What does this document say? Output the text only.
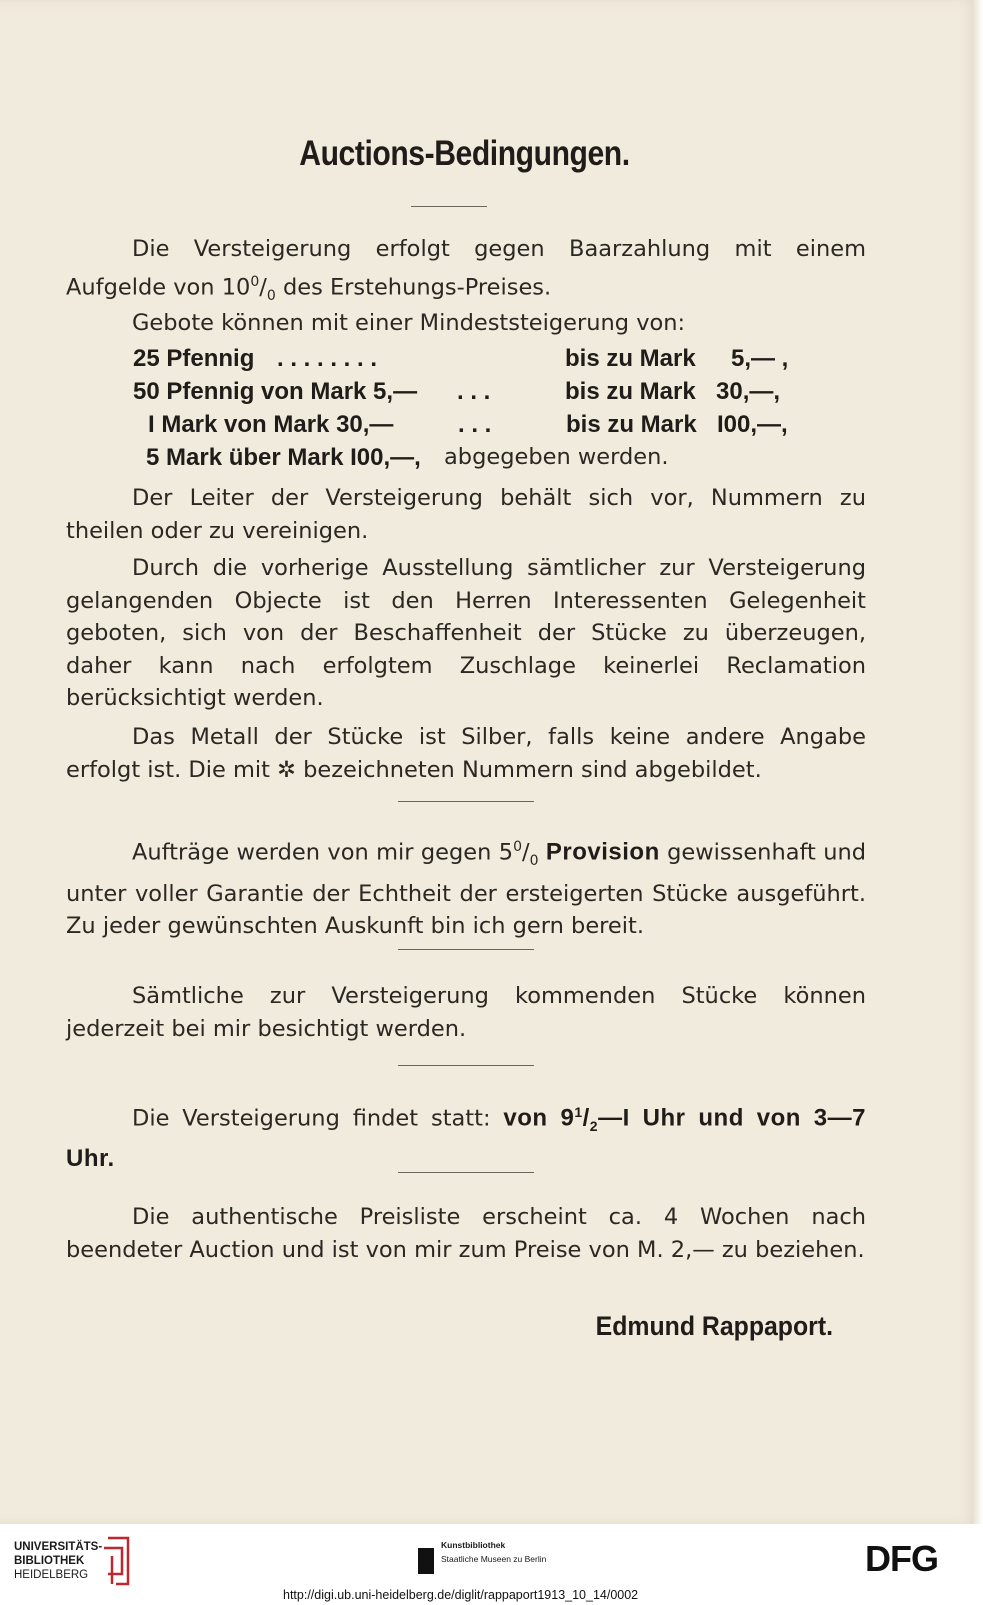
Auctions-Bedingungen.
Die Versteigerung erfolgt gegen Baarzahlung mit einem Aufgelde von $10^0/_0$ des Erstehungs-Preises.
Gebote können mit einer Mindeststeigerung von:
25 Pfennig . . . . . . . .	bis zu Mark 5,— ,
50 Pfennig von Mark 5,— . . .	bis zu Mark 30,—,
I Mark von Mark 30,—	. . .	bis zu Mark I00,—,
5 Mark über Mark I00,—, abgegeben werden.
Der Leiter der Versteigerung behält sich vor, Nummern zu theilen oder zu vereinigen.
Durch die vorherige Ausstellung sämtlicher zur Versteigerung gelangenden Objecte ist den Herren Interessenten Gelegenheit geboten, sich von der Beschaffenheit der Stücke zu überzeugen, daher kann nach erfolgtem Zuschlage keinerlei Reclamation berücksichtigt werden.
Das Metall der Stücke ist Silber, falls keine andere Angabe erfolgt ist. Die mit ✲ bezeichneten Nummern sind abgebildet.
Aufträge werden von mir gegen $5^0/_0$ Provision gewissenhaft und unter voller Garantie der Echtheit der ersteigerten Stücke ausgeführt. Zu jeder gewünschten Auskunft bin ich gern bereit.
Sämtliche zur Versteigerung kommenden Stücke können jederzeit bei mir besichtigt werden.
Die Versteigerung findet statt: von $9^1/_2—I$ Uhr und von 3—7 Uhr.
Die authentische Preisliste erscheint ca. 4 Wochen nach beendeter Auction und ist von mir zum Preise von M. 2,— zu beziehen.
Edmund Rappaport.
UNIVERSITÄTS-
BIBLIOTHEK
HEIDELBERG
Kunstbibliothek
Staatliche Museen zu Berlin	DFG
http://digi.ub.uni-heidelberg.de/diglit/rappaport1913_10_14/0002
